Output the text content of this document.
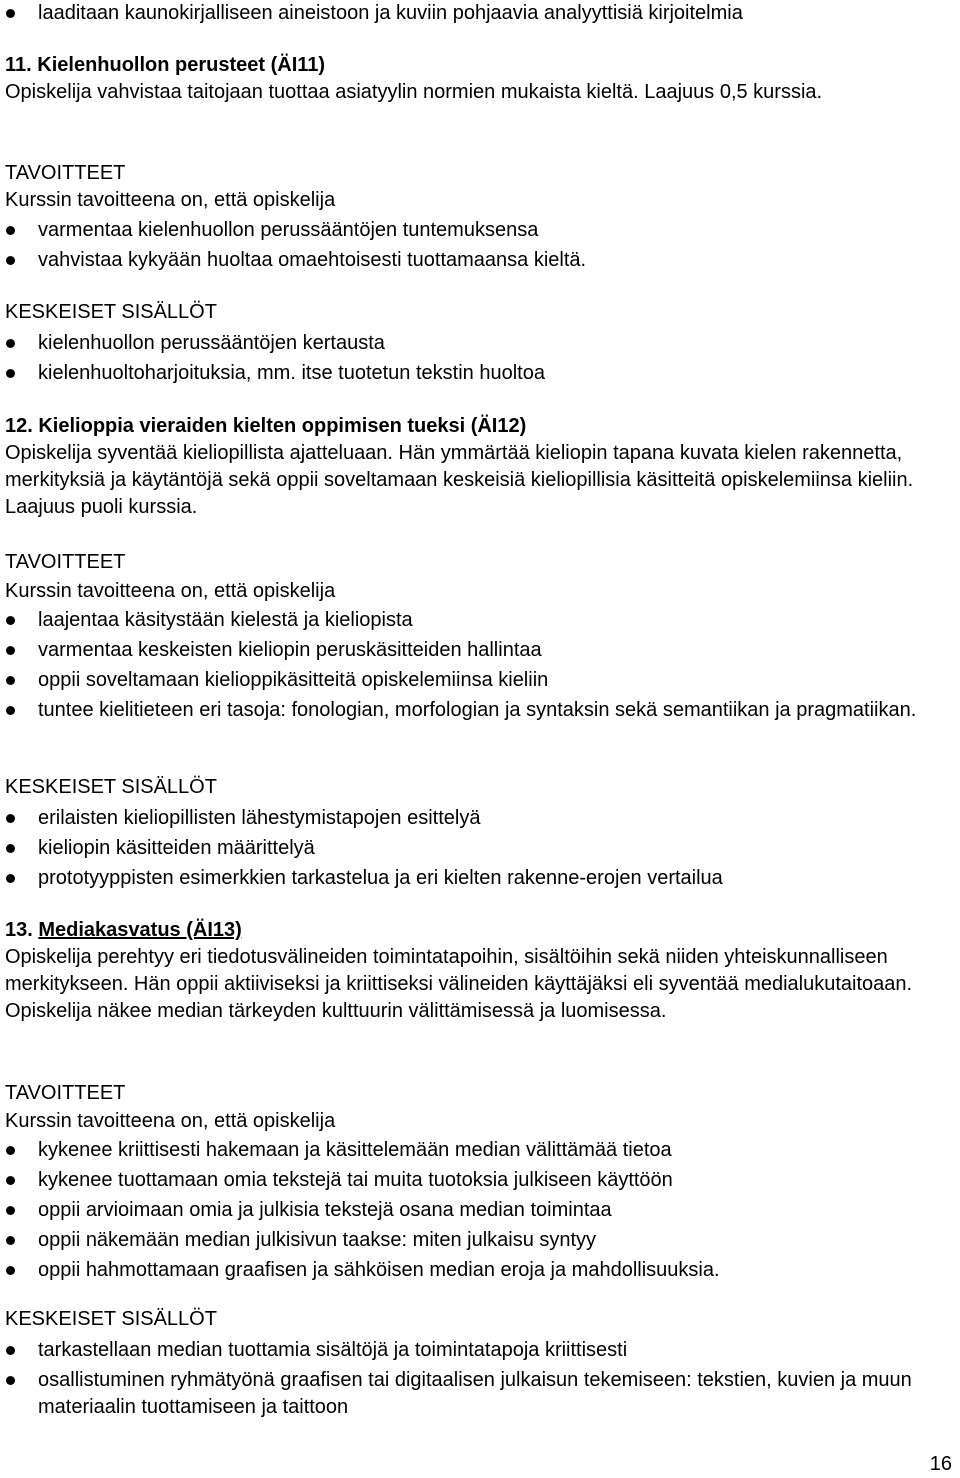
laaditaan kaunokirjalliseen aineistoon ja kuviin pohjaavia analyyttisiä kirjoitelmia
11. Kielenhuollon perusteet (ÄI11)
Opiskelija vahvistaa taitojaan tuottaa asiatyylin normien mukaista kieltä. Laajuus 0,5 kurssia.
TAVOITTEET
Kurssin tavoitteena on, että opiskelija
varmentaa kielenhuollon perussääntöjen tuntemuksensa
vahvistaa kykyään huoltaa omaehtoisesti tuottamaansa kieltä.
KESKEISET SISÄLLÖT
kielenhuollon perussääntöjen kertausta
kielenhuoltoharjoituksia, mm. itse tuotetun tekstin huoltoa
12. Kielioppia vieraiden kielten oppimisen tueksi (ÄI12)
Opiskelija syventää kieliopillista ajatteluaan. Hän ymmärtää kieliopin tapana kuvata kielen rakennetta, merkityksiä ja käytäntöjä sekä oppii soveltamaan keskeisiä kieliopillisia käsitteitä opiskelemiinsa kieliin. Laajuus puoli kurssia.
TAVOITTEET
Kurssin tavoitteena on, että opiskelija
laajentaa käsitystään kielestä ja kieliopista
varmentaa keskeisten kieliopin peruskäsitteiden hallintaa
oppii soveltamaan kielioppikäsitteitä opiskelemiinsa kieliin
tuntee kielitieteen eri tasoja: fonologian, morfologian ja syntaksin sekä semantiikan ja pragmatiikan.
KESKEISET SISÄLLÖT
erilaisten kieliopillisten lähestymistapojen esittelyä
kieliopin käsitteiden määrittelyä
prototyyppisten esimerkkien tarkastelua ja eri kielten rakenne-erojen vertailua
13. Mediakasvatus (ÄI13)
Opiskelija perehtyy eri tiedotusvälineiden toimintatapoihin, sisältöihin sekä niiden yhteiskunnalliseen merkitykseen. Hän oppii aktiiviseksi ja kriittiseksi välineiden käyttäjäksi eli syventää medialukutaitoaan. Opiskelija näkee median tärkeyden kulttuurin välittämisessä ja luomisessa.
TAVOITTEET
Kurssin tavoitteena on, että opiskelija
kykenee kriittisesti hakemaan ja käsittelemään median välittämää tietoa
kykenee tuottamaan omia tekstejä tai muita tuotoksia julkiseen käyttöön
oppii arvioimaan omia ja julkisia tekstejä osana median toimintaa
oppii näkemään median julkisivun taakse: miten julkaisu syntyy
oppii hahmottamaan graafisen ja sähköisen median eroja ja mahdollisuuksia.
KESKEISET SISÄLLÖT
tarkastellaan median tuottamia sisältöjä ja toimintatapoja kriittisesti
osallistuminen ryhmätyönä graafisen tai digitaalisen julkaisun tekemiseen: tekstien, kuvien ja muun materiaalin tuottamiseen ja taittoon
16
